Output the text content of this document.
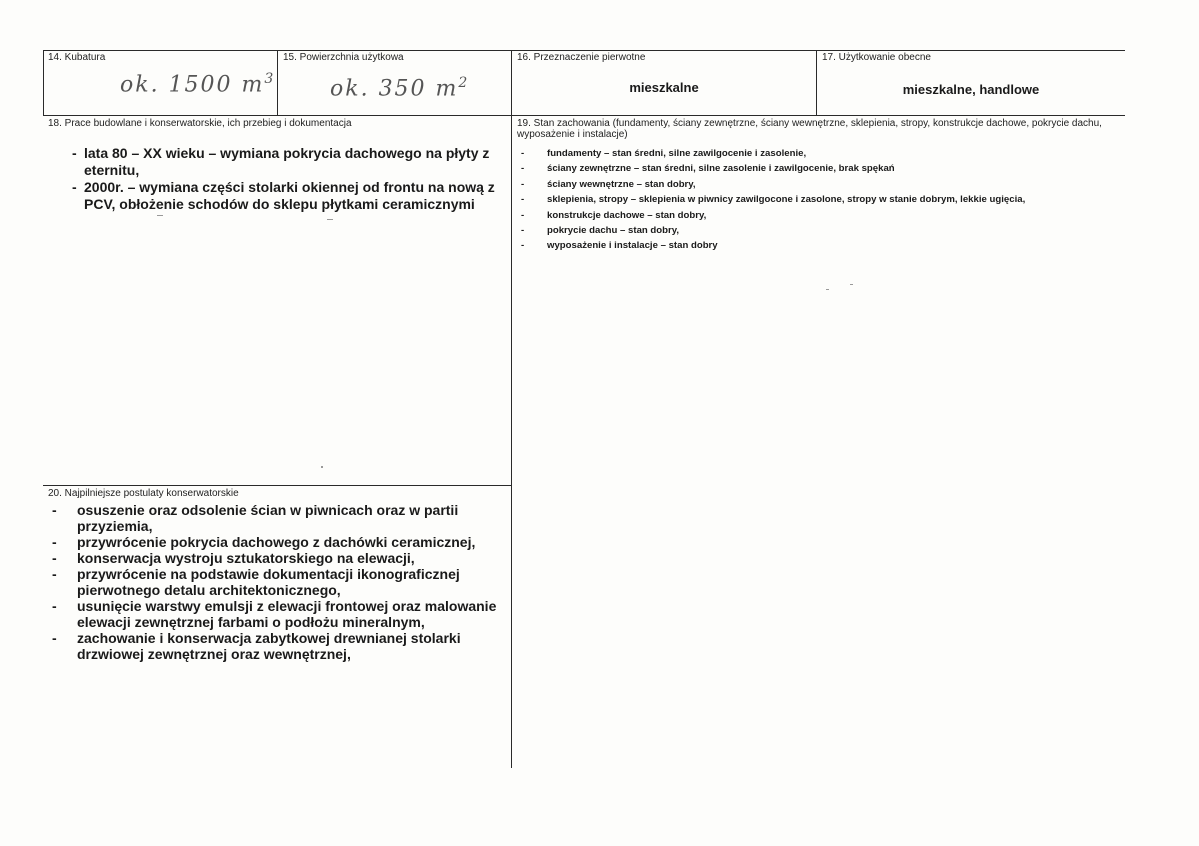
14. Kubatura
ok. 1500 $m^3$
15. Powierzchnia użytkowa
ok. 350 $m^2$
16. Przeznaczenie pierwotne
mieszkalne
17. Użytkowanie obecne
mieszkalne, handlowe
18. Prace budowlane i konserwatorskie, ich przebieg i dokumentacja
- lata 80 – XX wieku – wymiana pokrycia dachowego na płyty z eternitu,
- 2000r. – wymiana części stolarki okiennej od frontu na nową z PCV, obłożenie schodów do sklepu płytkami ceramicznymi
19. Stan zachowania (fundamenty, ściany zewnętrzne, ściany wewnętrzne, sklepienia, stropy, konstrukcje dachowe, pokrycie dachu, wyposażenie i instalacje)
- fundamenty – stan średni, silne zawilgocenie i zasolenie,
- ściany zewnętrzne – stan średni, silne zasolenie i zawilgocenie, brak spękań
- ściany wewnętrzne – stan dobry,
- sklepienia, stropy – sklepienia w piwnicy zawilgocone i zasolone, stropy w stanie dobrym, lekkie ugięcia,
- konstrukcje dachowe – stan dobry,
- pokrycie dachu – stan dobry,
- wyposażenie i instalacje – stan dobry
20. Najpilniejsze postulaty konserwatorskie
- osuszenie oraz odsolenie ścian w piwnicach oraz w partii przyziemia,
- przywrócenie pokrycia dachowego z dachówki ceramicznej,
- konserwacja wystroju sztukatorskiego na elewacji,
- przywrócenie na podstawie dokumentacji ikonograficznej pierwotnego detalu architektonicznego,
- usunięcie warstwy emulsji z elewacji frontowej oraz malowanie elewacji zewnętrznej farbami o podłożu mineralnym,
- zachowanie i konserwacja zabytkowej drewnianej stolarki drzwiowej zewnętrznej oraz wewnętrznej,
